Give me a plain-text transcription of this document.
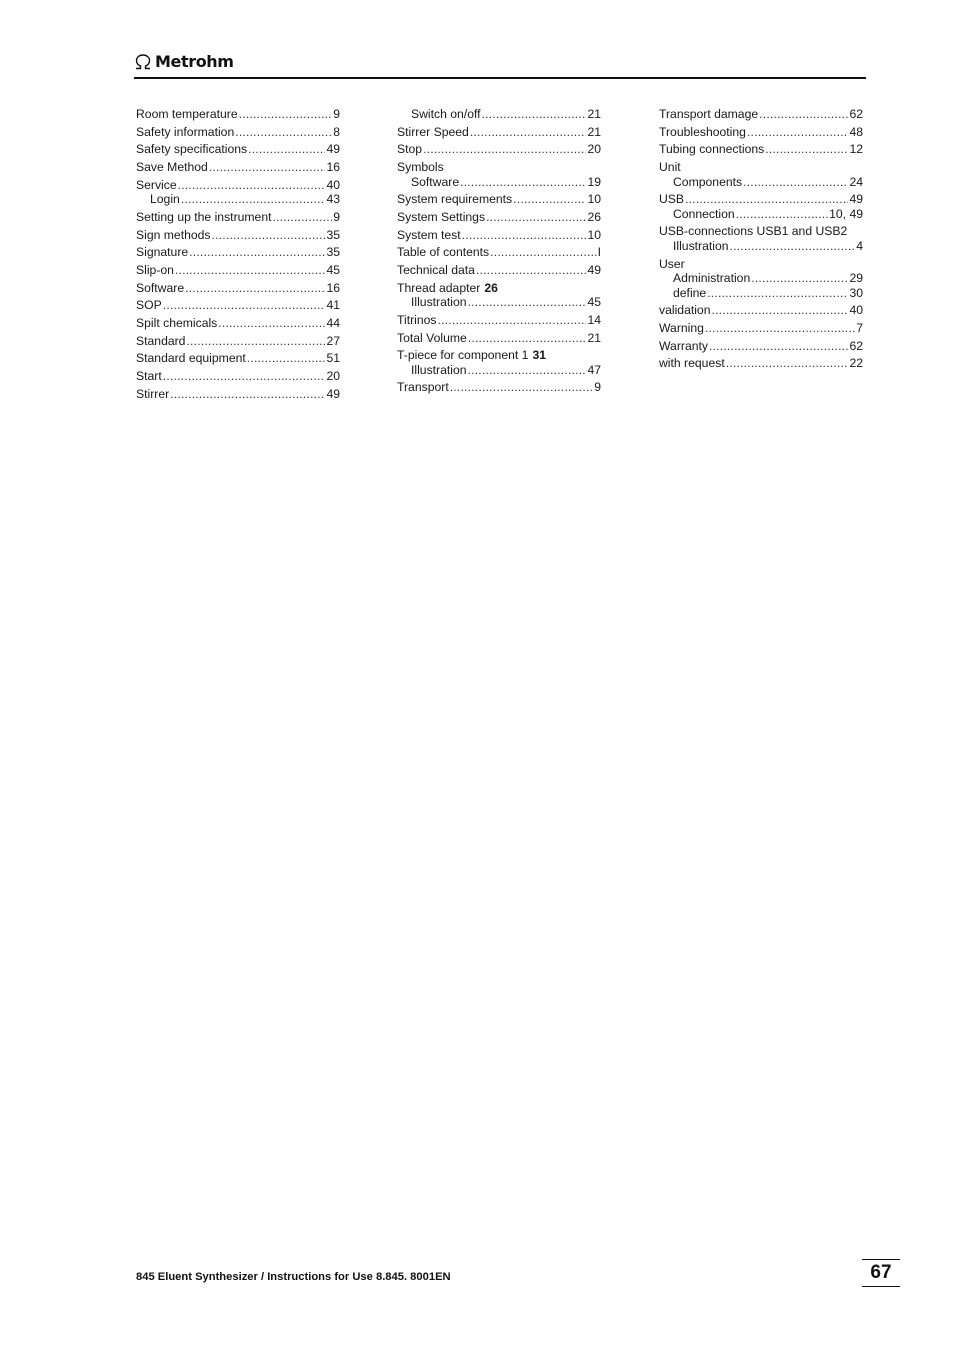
Metrohm
Room temperature .....	9
Safety information .....	8
Safety specifications .....	49
Save Method .....	16
Service .....	40
Login .....	43
Setting up the instrument .....	9
Sign methods .....	35
Signature .....	35
Slip-on .....	45
Software .....	16
SOP .....	41
Spilt chemicals .....	44
Standard .....	27
Standard equipment .....	51
Start .....	20
Stirrer .....	49
Switch on/off .....	21
Stirrer Speed .....	21
Stop .....	20
Symbols
Software .....	19
System requirements .....	10
System Settings .....	26
System test .....	10
Table of contents .....	I
Technical data .....	49
Thread adapter 26
Illustration .....	45
Titrinos .....	14
Total Volume .....	21
T-piece for component 1 31
Illustration .....	47
Transport .....	9
Transport damage .....	62
Troubleshooting .....	48
Tubing connections .....	12
Unit
Components .....	24
USB .....	49
Connection .....	10, 49
USB-connections USB1 and USB2
Illustration .....	4
User
Administration .....	29
define .....	30
validation .....	40
Warning .....	7
Warranty .....	62
with request .....	22
845 Eluent Synthesizer / Instructions for Use 8.845. 8001EN	67
